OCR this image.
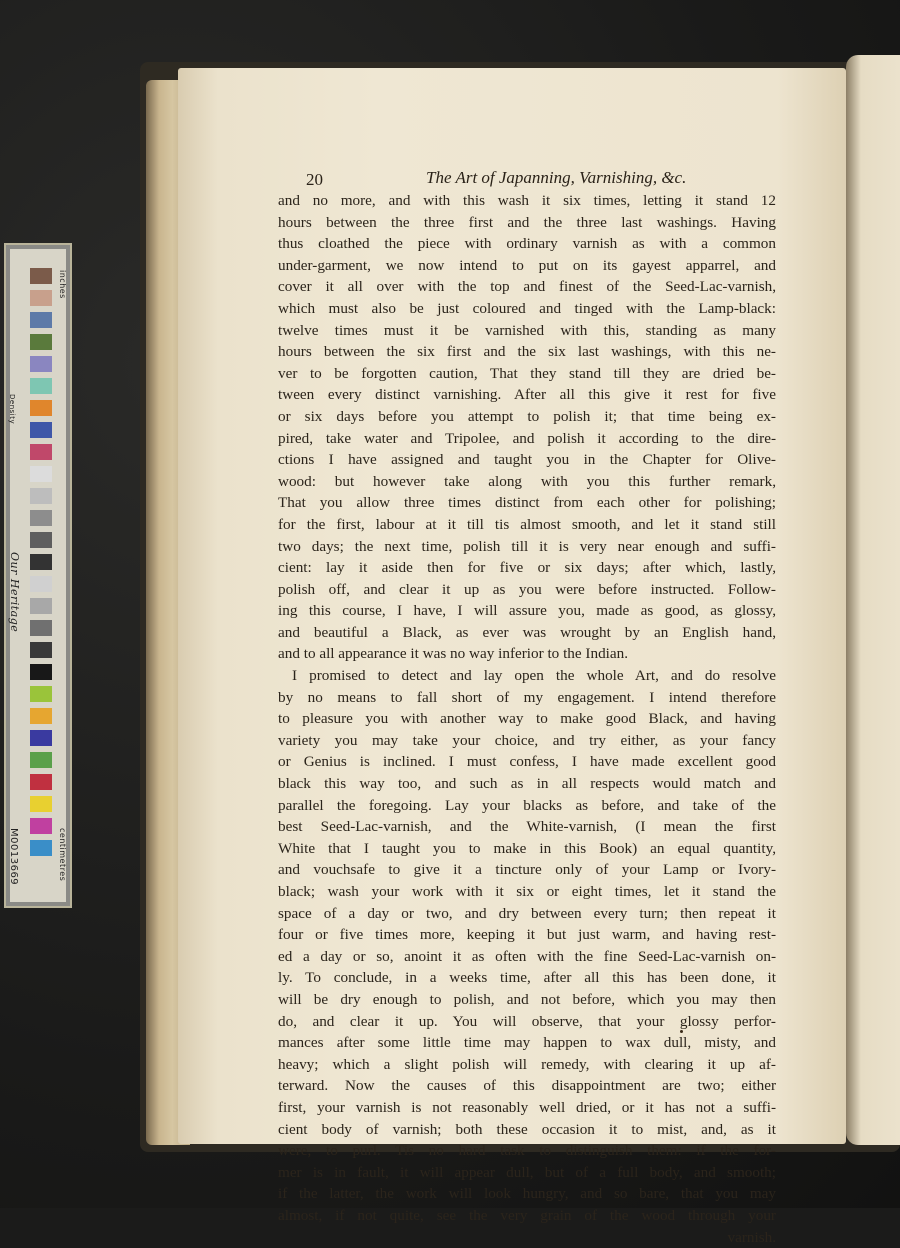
inches
centimetres
M0013669
Our Heritage
Density
20	The Art of Japanning, Varnishing, &c.
and no more, and with this wash it six times, letting it stand 12
hours between the three first and the three last washings. Having
thus cloathed the piece with ordinary varnish as with a common
under-garment, we now intend to put on its gayest apparrel, and
cover it all over with the top and finest of the Seed-Lac-varnish,
which must also be just coloured and tinged with the Lamp-black:
twelve times must it be varnished with this, standing as many
hours between the six first and the six last washings, with this ne-
ver to be forgotten caution, That they stand till they are dried be-
tween every distinct varnishing. After all this give it rest for five
or six days before you attempt to polish it; that time being ex-
pired, take water and Tripolee, and polish it according to the dire-
ctions I have assigned and taught you in the Chapter for Olive-
wood: but however take along with you this further remark,
That you allow three times distinct from each other for polishing;
for the first, labour at it till tis almost smooth, and let it stand still
two days; the next time, polish till it is very near enough and suffi-
cient: lay it aside then for five or six days; after which, lastly,
polish off, and clear it up as you were before instructed. Follow-
ing this course, I have, I will assure you, made as good, as glossy,
and beautiful a Black, as ever was wrought by an English hand,
and to all appearance it was no way inferior to the Indian.
I promised to detect and lay open the whole Art, and do resolve
by no means to fall short of my engagement. I intend therefore
to pleasure you with another way to make good Black, and having
variety you may take your choice, and try either, as your fancy
or Genius is inclined. I must confess, I have made excellent good
black this way too, and such as in all respects would match and
parallel the foregoing. Lay your blacks as before, and take of the
best Seed-Lac-varnish, and the White-varnish, (I mean the first
White that I taught you to make in this Book) an equal quantity,
and vouchsafe to give it a tincture only of your Lamp or Ivory-
black; wash your work with it six or eight times, let it stand the
space of a day or two, and dry between every turn; then repeat it
four or five times more, keeping it but just warm, and having rest-
ed a day or so, anoint it as often with the fine Seed-Lac-varnish on-
ly. To conclude, in a weeks time, after all this has been done, it
will be dry enough to polish, and not before, which you may then
do, and clear it up. You will observe, that your glossy perfor-
mances after some little time may happen to wax dull, misty, and
heavy; which a slight polish will remedy, with clearing it up af-
terward. Now the causes of this disappointment are two; either
first, your varnish is not reasonably well dried, or it has not a suffi-
cient body of varnish; both these occasion it to mist, and, as it
were, to purl. Tis no hard task to distinguish them: if the for-
mer is in fault, it will appear dull, but of a full body, and smooth;
if the latter, the work will look hungry, and so bare, that you may
almost, if not quite, see the very grain of the wood through your
varnish.
